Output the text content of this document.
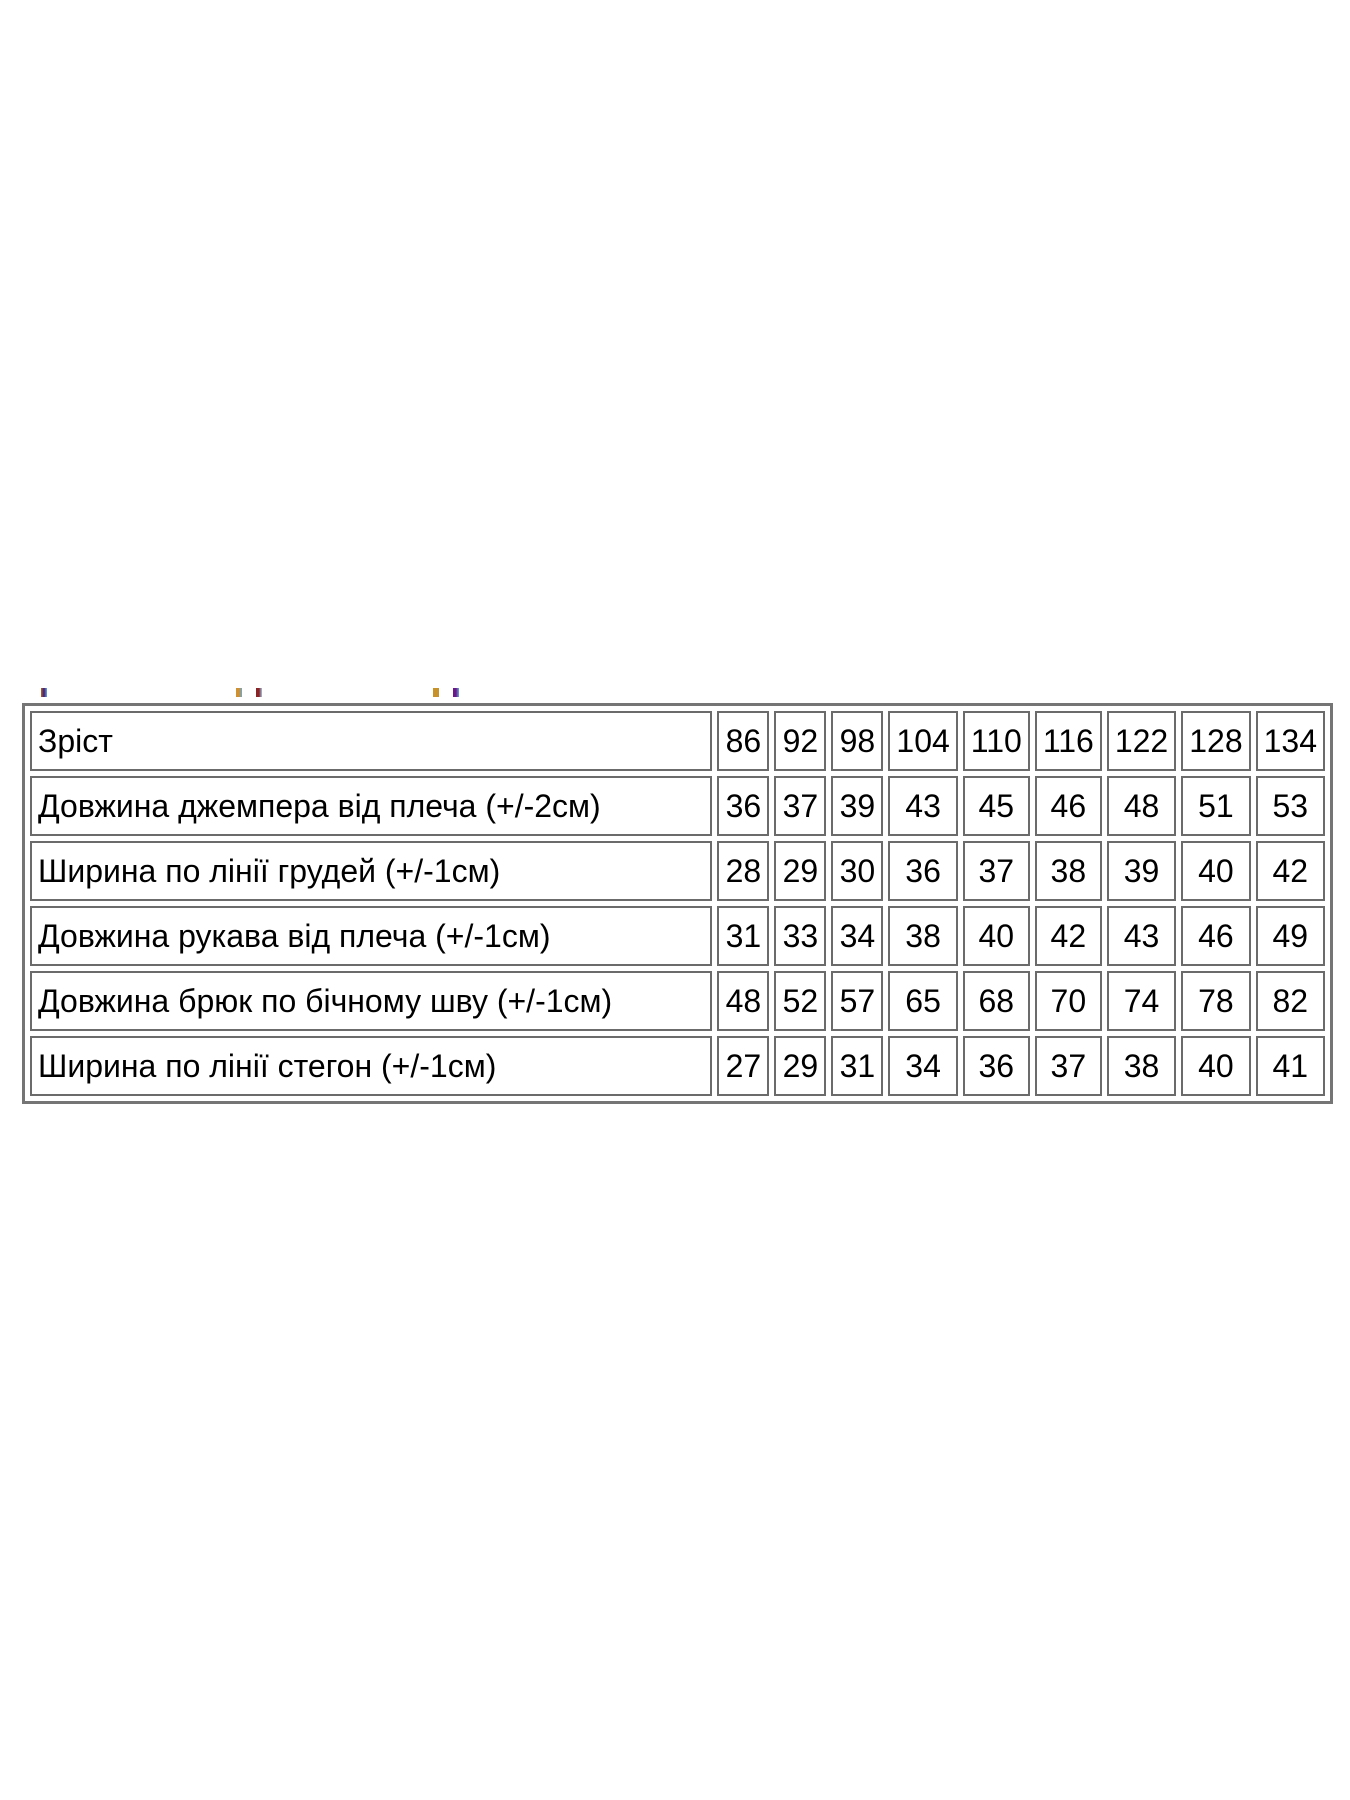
Зріст	86	92	98	104	110	116	122	128	134
Довжина джемпера від плеча (+/-2см)	36	37	39	43	45	46	48	51	53
Ширина по лінії грудей (+/-1см)	28	29	30	36	37	38	39	40	42
Довжина рукава від плеча (+/-1см)	31	33	34	38	40	42	43	46	49
Довжина брюк по бічному шву (+/-1см)	48	52	57	65	68	70	74	78	82
Ширина по лінії стегон (+/-1см)	27	29	31	34	36	37	38	40	41
